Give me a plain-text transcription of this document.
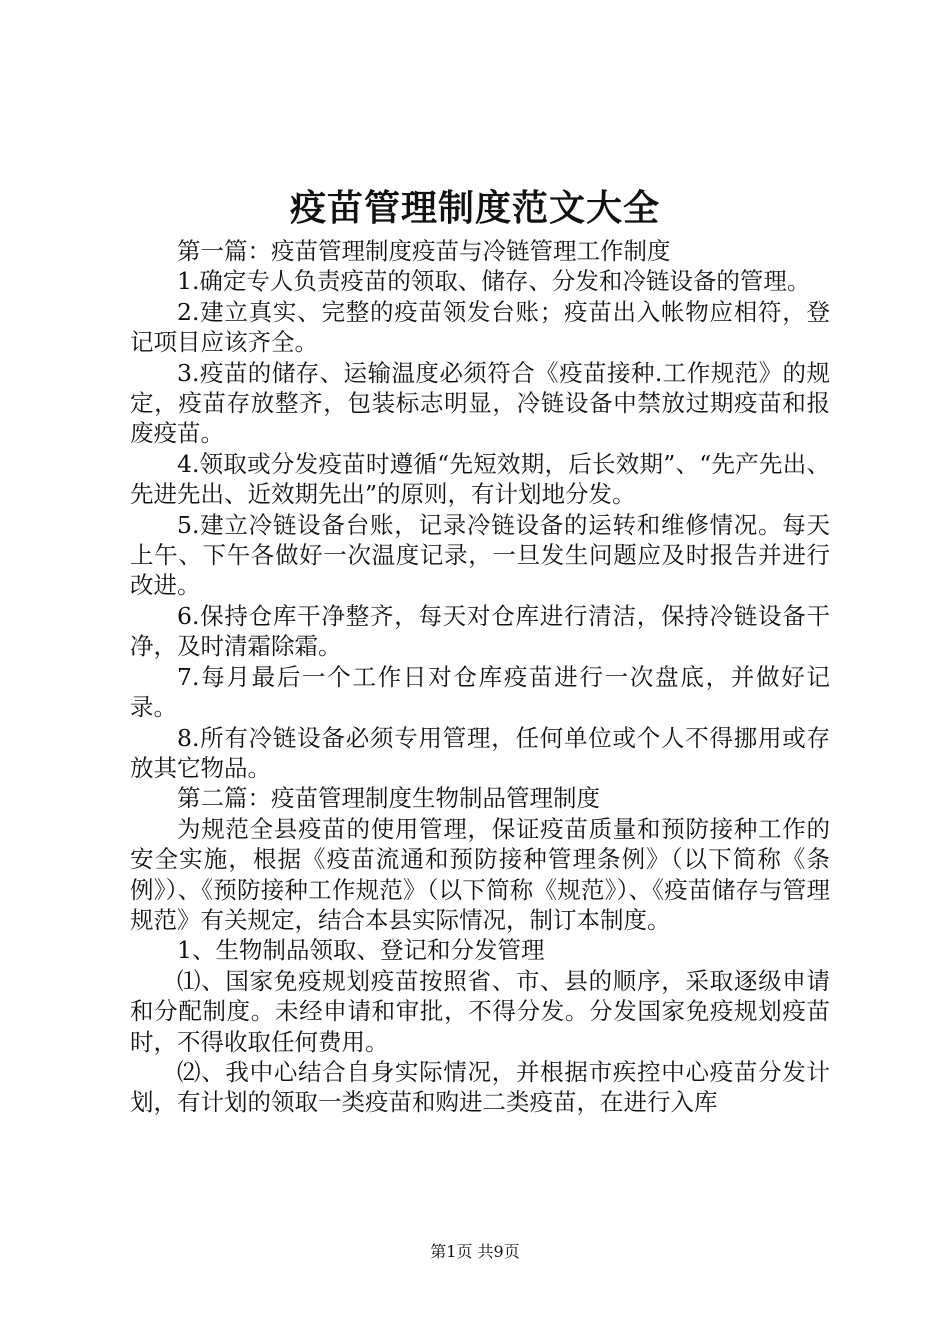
疫苗管理制度范文大全

第一篇：疫苗管理制度疫苗与冷链管理工作制度

1.确定专人负责疫苗的领取、储存、分发和冷链设备的管理。

2.建立真实、完整的疫苗领发台账；疫苗出入帐物应相符，登记项目应该齐全。

3.疫苗的储存、运输温度必须符合《疫苗接种.工作规范》的规定，疫苗存放整齐，包装标志明显，冷链设备中禁放过期疫苗和报废疫苗。

4.领取或分发疫苗时遵循“先短效期，后长效期”、“先产先出、先进先出、近效期先出”的原则，有计划地分发。

5.建立冷链设备台账，记录冷链设备的运转和维修情况。每天上午、下午各做好一次温度记录，一旦发生问题应及时报告并进行改进。

6.保持仓库干净整齐，每天对仓库进行清洁，保持冷链设备干净，及时清霜除霜。

7.每月最后一个工作日对仓库疫苗进行一次盘底，并做好记录。

8.所有冷链设备必须专用管理，任何单位或个人不得挪用或存放其它物品。

第二篇：疫苗管理制度生物制品管理制度

为规范全县疫苗的使用管理，保证疫苗质量和预防接种工作的安全实施，根据《疫苗流通和预防接种管理条例》（以下简称《条例》）、《预防接种工作规范》（以下简称《规范》）、《疫苗储存与管理规范》有关规定，结合本县实际情况，制订本制度。

1、生物制品领取、登记和分发管理

⑴、国家免疫规划疫苗按照省、市、县的顺序，采取逐级申请和分配制度。未经申请和审批，不得分发。分发国家免疫规划疫苗时，不得收取任何费用。

⑵、我中心结合自身实际情况，并根据市疾控中心疫苗分发计划，有计划的领取一类疫苗和购进二类疫苗，在进行入库

第1页 共9页
